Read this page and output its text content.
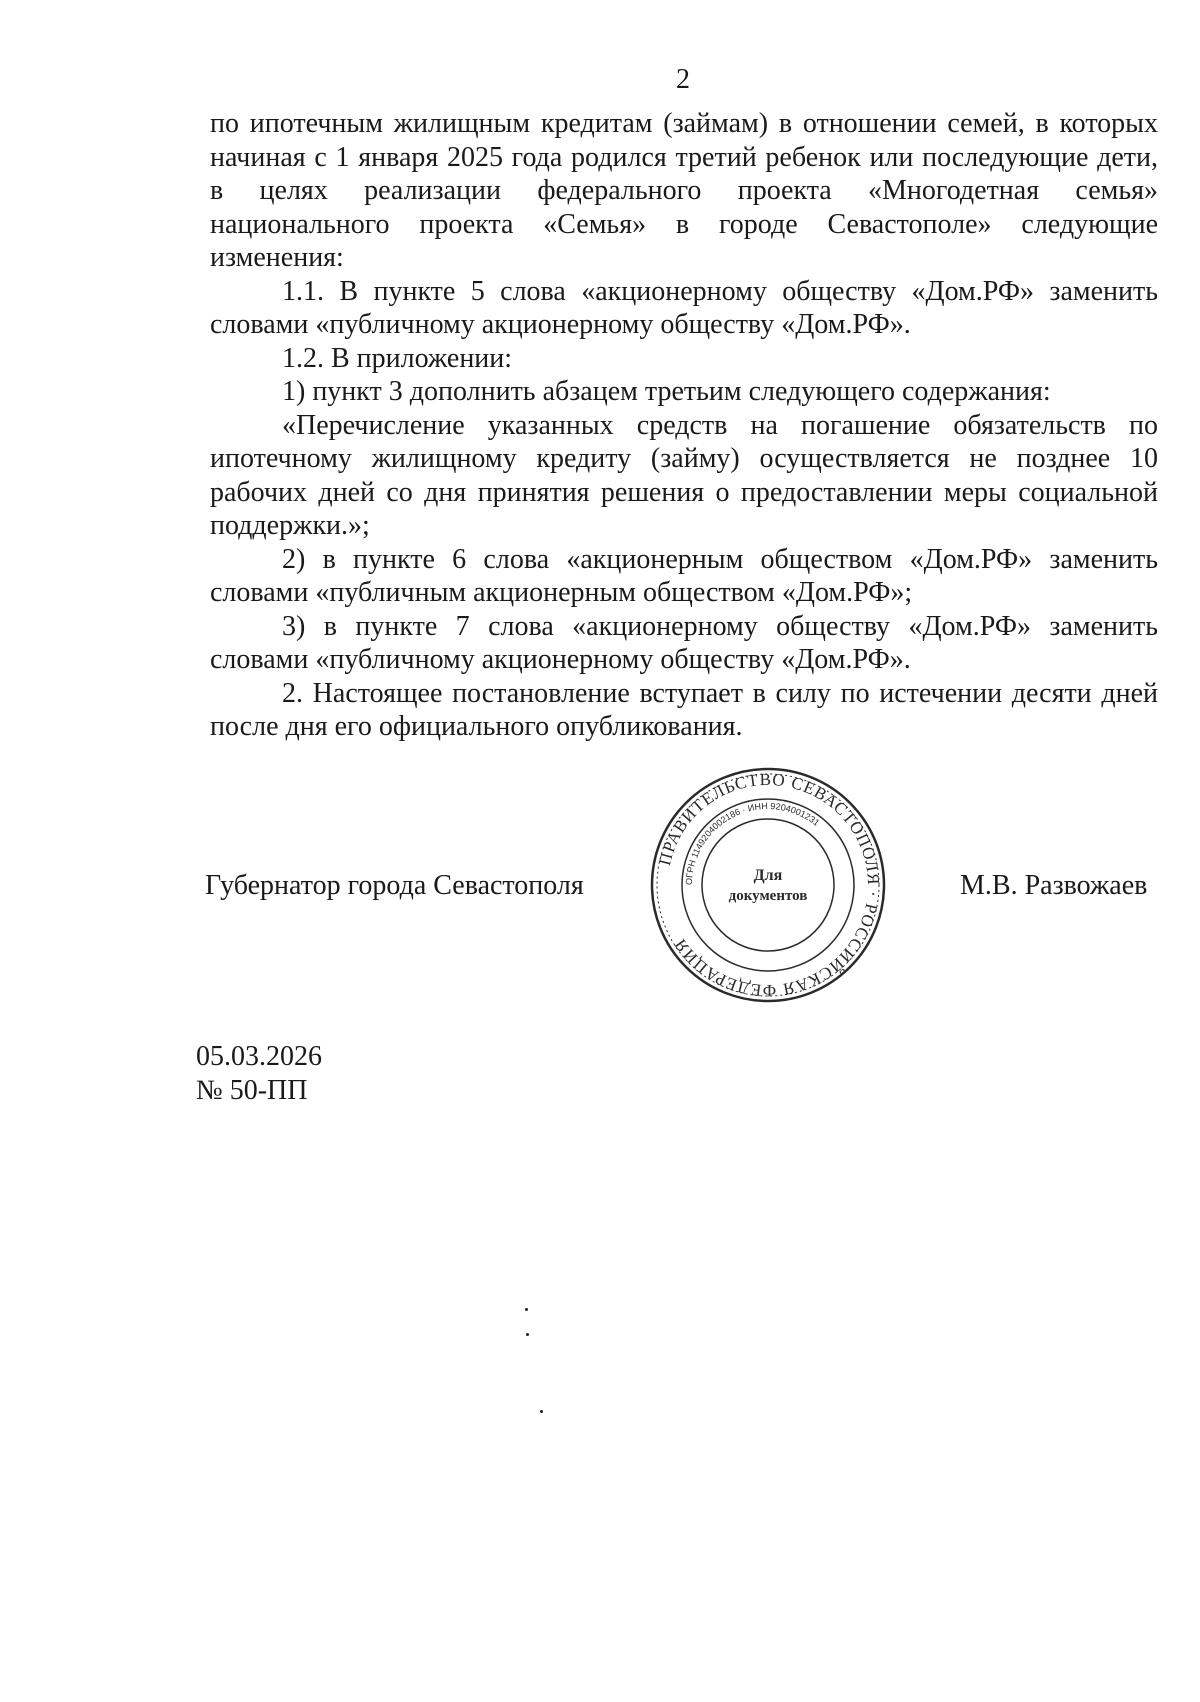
2

по ипотечным жилищным кредитам (займам) в отношении семей, в которых начиная с 1 января 2025 года родился третий ребенок или последующие дети, в целях реализации федерального проекта «Многодетная семья» национального проекта «Семья» в городе Севастополе» следующие изменения:

1.1. В пункте 5 слова «акционерному обществу «Дом.РФ» заменить словами «публичному акционерному обществу «Дом.РФ».

1.2. В приложении:

1) пункт 3 дополнить абзацем третьим следующего содержания:

«Перечисление указанных средств на погашение обязательств по ипотечному жилищному кредиту (займу) осуществляется не позднее 10 рабочих дней со дня принятия решения о предоставлении меры социальной поддержки.»;

2) в пункте 6 слова «акционерным обществом «Дом.РФ» заменить словами «публичным акционерным обществом «Дом.РФ»;

3) в пункте 7 слова «акционерному обществу «Дом.РФ» заменить словами «публичному акционерному обществу «Дом.РФ».

2. Настоящее постановление вступает в силу по истечении десяти дней после дня его официального опубликования.

Губернатор города Севастополя	М.В. Развожаев
ПРАВИТЕЛЬСТВО СЕВАСТОПОЛЯ · РОССИЙСКАЯ ФЕДЕРАЦИЯ
ОГРН 1149204002186 · ИНН 9204001231
Для
документов
05.03.2026
№ 50-ПП
